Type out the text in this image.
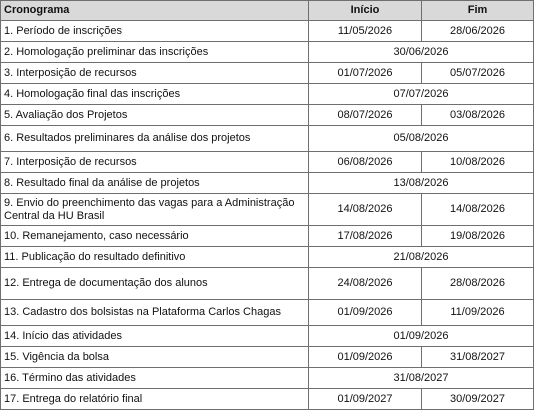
Cronograma	Início	Fim
1. Período de inscrições	11/05/2026	28/06/2026
2. Homologação preliminar das inscrições	30/06/2026	
3. Interposição de recursos	01/07/2026	05/07/2026
4. Homologação final das inscrições	07/07/2026	
5. Avaliação dos Projetos	08/07/2026	03/08/2026
6. Resultados preliminares da análise dos projetos	05/08/2026	
7. Interposição de recursos	06/08/2026	10/08/2026
8. Resultado final da análise de projetos	13/08/2026	
9. Envio do preenchimento das vagas para a Administração Central da HU Brasil	14/08/2026	14/08/2026
10. Remanejamento, caso necessário	17/08/2026	19/08/2026
11. Publicação do resultado definitivo	21/08/2026	
12. Entrega de documentação dos alunos	24/08/2026	28/08/2026
13. Cadastro dos bolsistas na Plataforma Carlos Chagas	01/09/2026	11/09/2026
14. Início das atividades	01/09/2026	
15. Vigência da bolsa	01/09/2026	31/08/2027
16. Término das atividades	31/08/2027	
17. Entrega do relatório final	01/09/2027	30/09/2027
